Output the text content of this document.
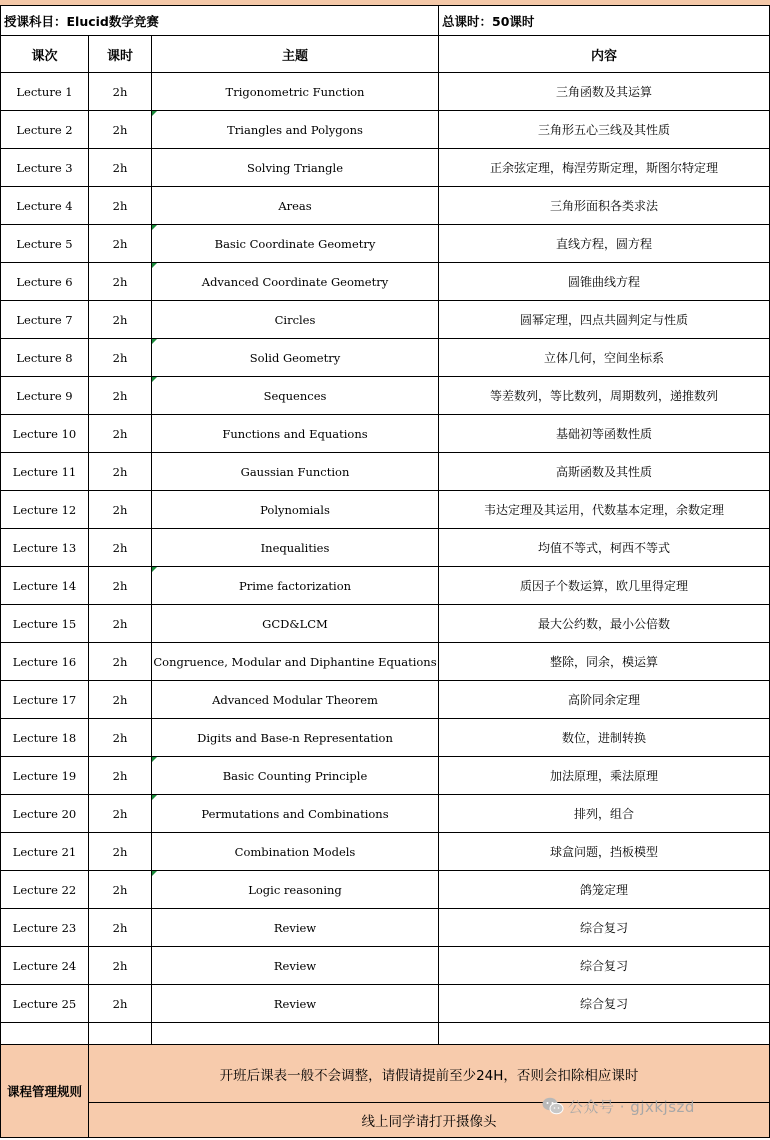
授课科目：Elucid数学竞赛			总课时：50课时
课次	课时	主题	内容
Lecture 1	2h	Trigonometric Function	三角函数及其运算
Lecture 2	2h	Triangles and Polygons	三角形五心三线及其性质
Lecture 3	2h	Solving Triangle	正余弦定理，梅涅劳斯定理，斯图尔特定理
Lecture 4	2h	Areas	三角形面积各类求法
Lecture 5	2h	Basic Coordinate Geometry	直线方程，圆方程
Lecture 6	2h	Advanced Coordinate Geometry	圆锥曲线方程
Lecture 7	2h	Circles	圆幂定理，四点共圆判定与性质
Lecture 8	2h	Solid Geometry	立体几何，空间坐标系
Lecture 9	2h	Sequences	等差数列，等比数列，周期数列，递推数列
Lecture 10	2h	Functions and Equations	基础初等函数性质
Lecture 11	2h	Gaussian Function	高斯函数及其性质
Lecture 12	2h	Polynomials	韦达定理及其运用，代数基本定理，余数定理
Lecture 13	2h	Inequalities	均值不等式，柯西不等式
Lecture 14	2h	Prime factorization	质因子个数运算，欧几里得定理
Lecture 15	2h	GCD&LCM	最大公约数，最小公倍数
Lecture 16	2h	Congruence, Modular and Diphantine Equations	整除，同余，模运算
Lecture 17	2h	Advanced Modular Theorem	高阶同余定理
Lecture 18	2h	Digits and Base-n Representation	数位，进制转换
Lecture 19	2h	Basic Counting Principle	加法原理，乘法原理
Lecture 20	2h	Permutations and Combinations	排列，组合
Lecture 21	2h	Combination Models	球盒问题，挡板模型
Lecture 22	2h	Logic reasoning	鸽笼定理
Lecture 23	2h	Review	综合复习
Lecture 24	2h	Review	综合复习
Lecture 25	2h	Review	综合复习

课程管理规则	开班后课表一般不会调整，请假请提前至少24H，否则会扣除相应课时		
	线上同学请打开摄像头		
公众号 · gjxkjszd
